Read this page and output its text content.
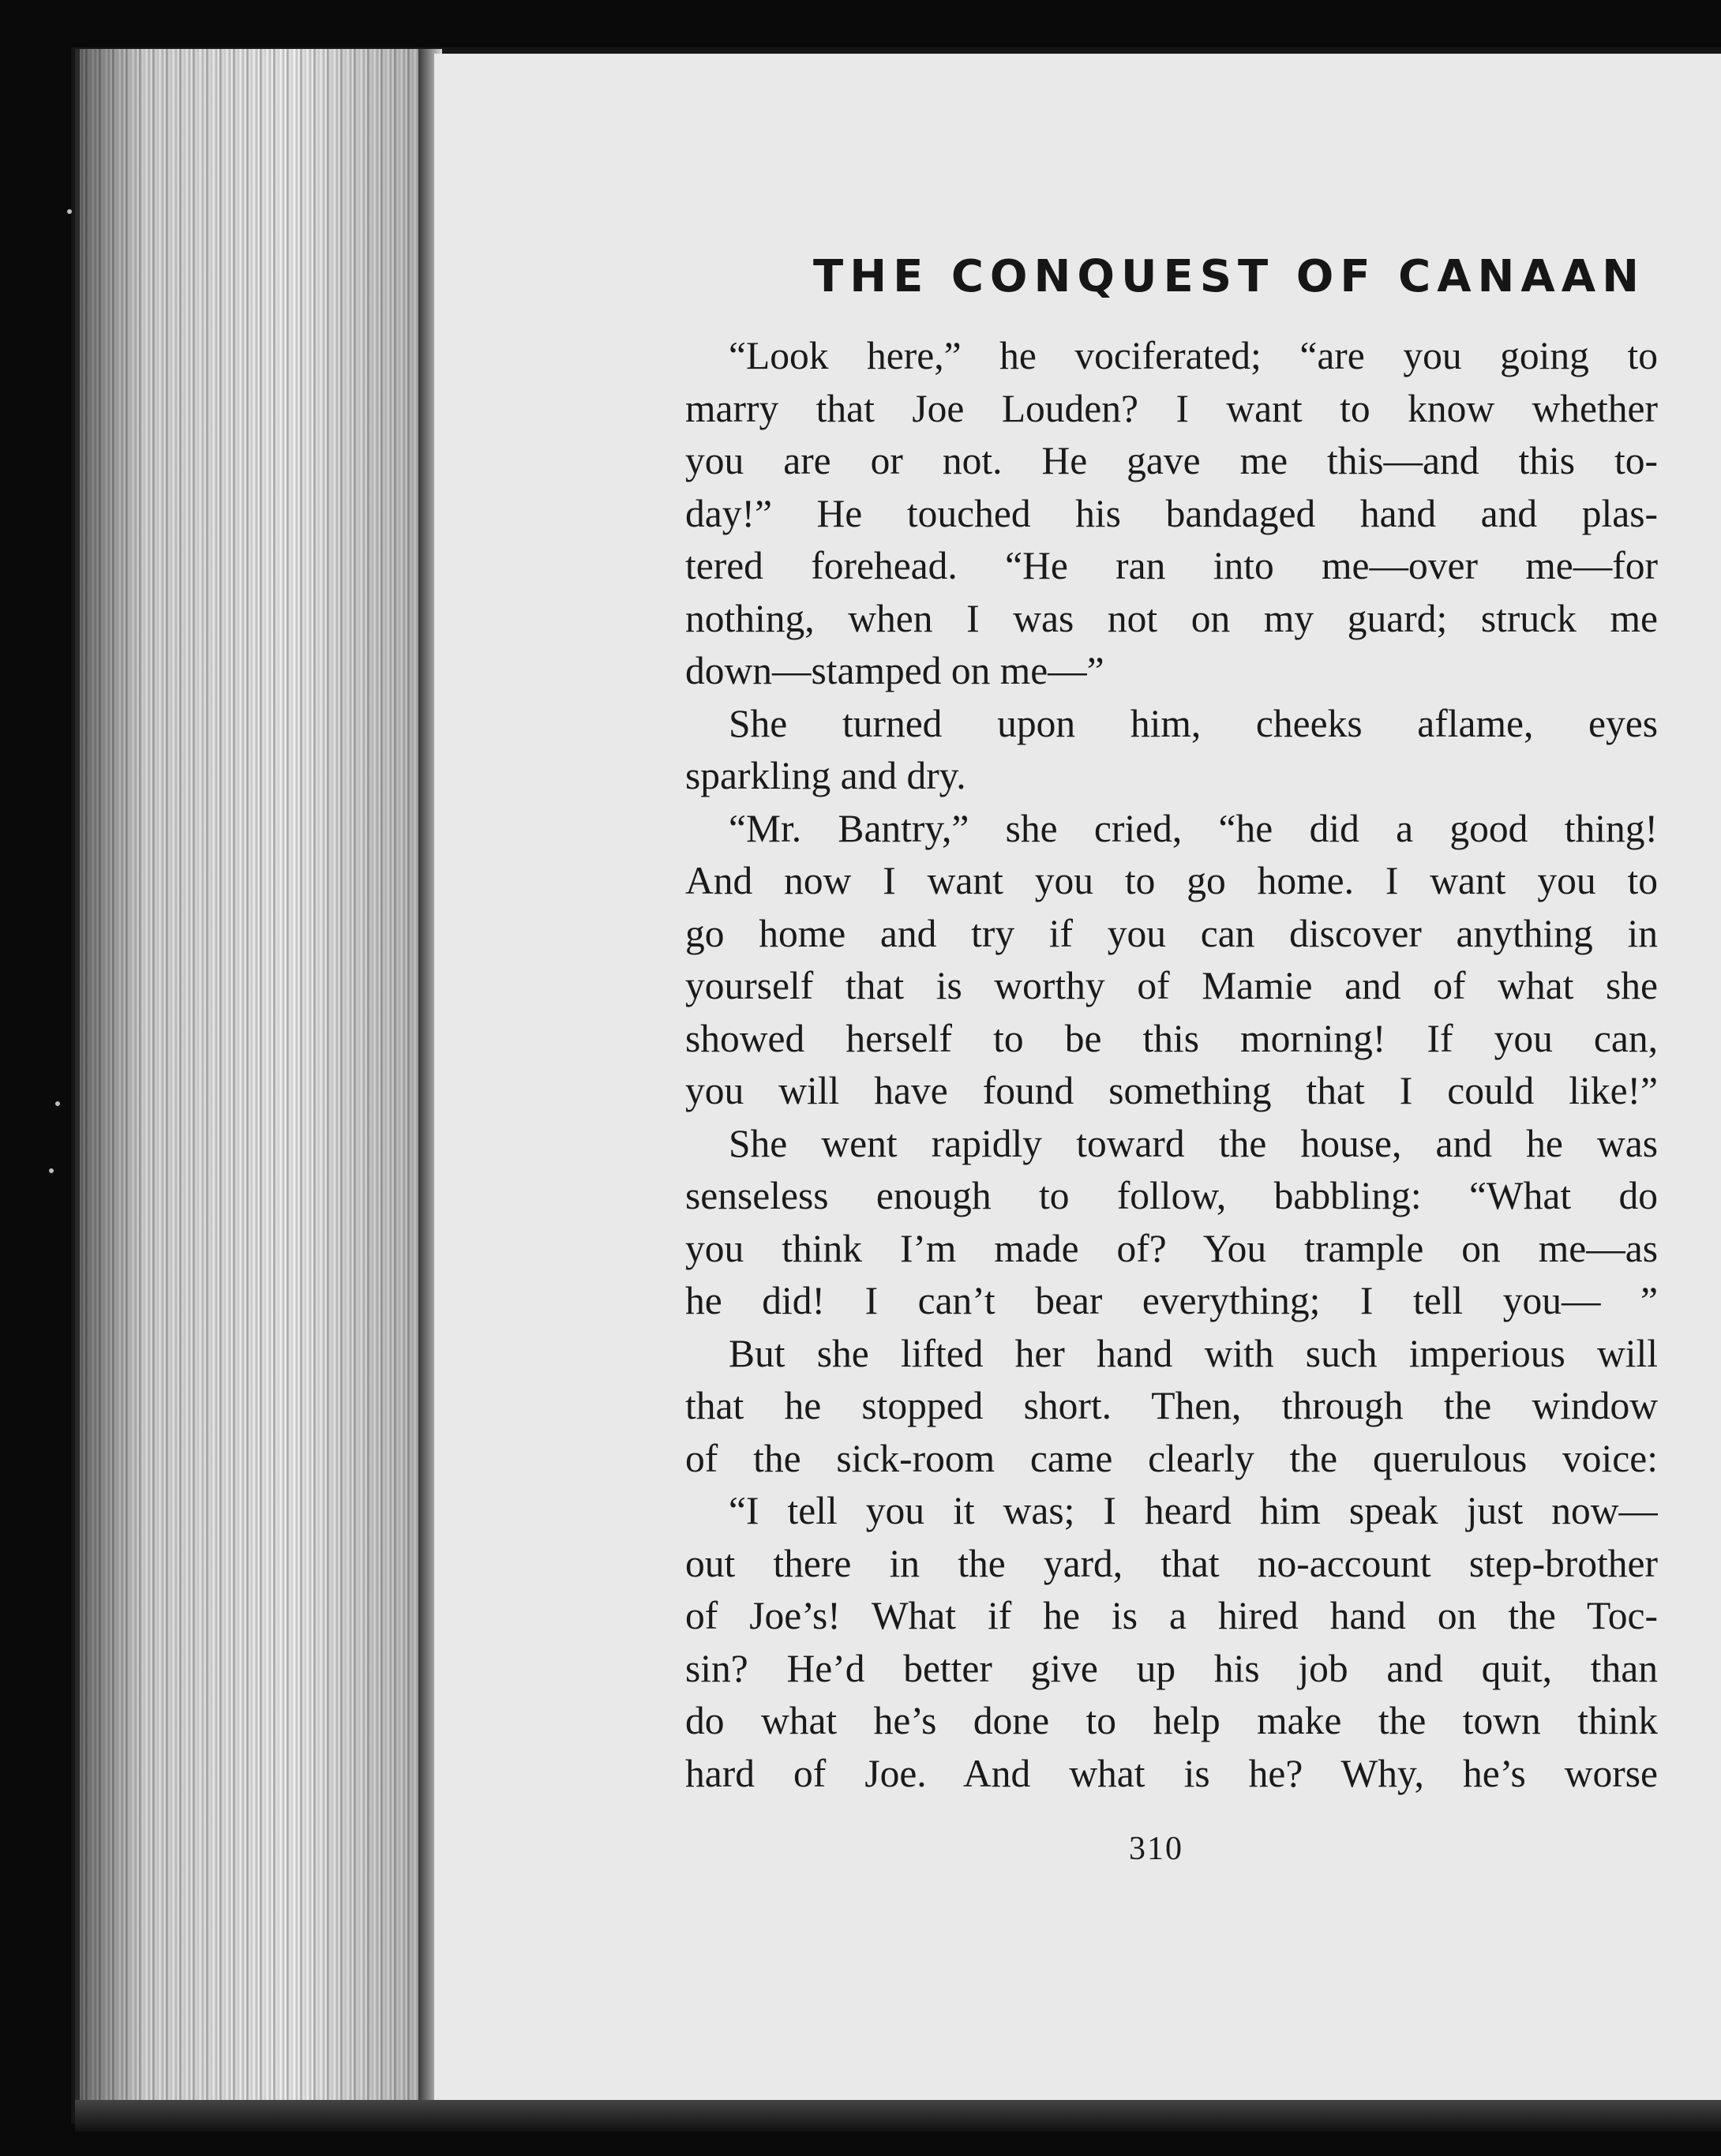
THE CONQUEST OF CANAAN
“Look here,” he vociferated; “are you going to
marry that Joe Louden? I want to know whether
you are or not. He gave me this—and this to-
day!” He touched his bandaged hand and plas-
tered forehead. “He ran into me—over me—for
nothing, when I was not on my guard; struck me
down—stamped on me—”
She turned upon him, cheeks aflame, eyes
sparkling and dry.
“Mr. Bantry,” she cried, “he did a good thing!
And now I want you to go home. I want you to
go home and try if you can discover anything in
yourself that is worthy of Mamie and of what she
showed herself to be this morning! If you can,
you will have found something that I could like!”
She went rapidly toward the house, and he was
senseless enough to follow, babbling: “What do
you think I’m made of? You trample on me—as
he did! I can’t bear everything; I tell you— ”
But she lifted her hand with such imperious will
that he stopped short. Then, through the window
of the sick-room came clearly the querulous voice:
“I tell you it was; I heard him speak just now—
out there in the yard, that no-account step-brother
of Joe’s! What if he is a hired hand on the Toc-
sin? He’d better give up his job and quit, than
do what he’s done to help make the town think
hard of Joe. And what is he? Why, he’s worse
310
